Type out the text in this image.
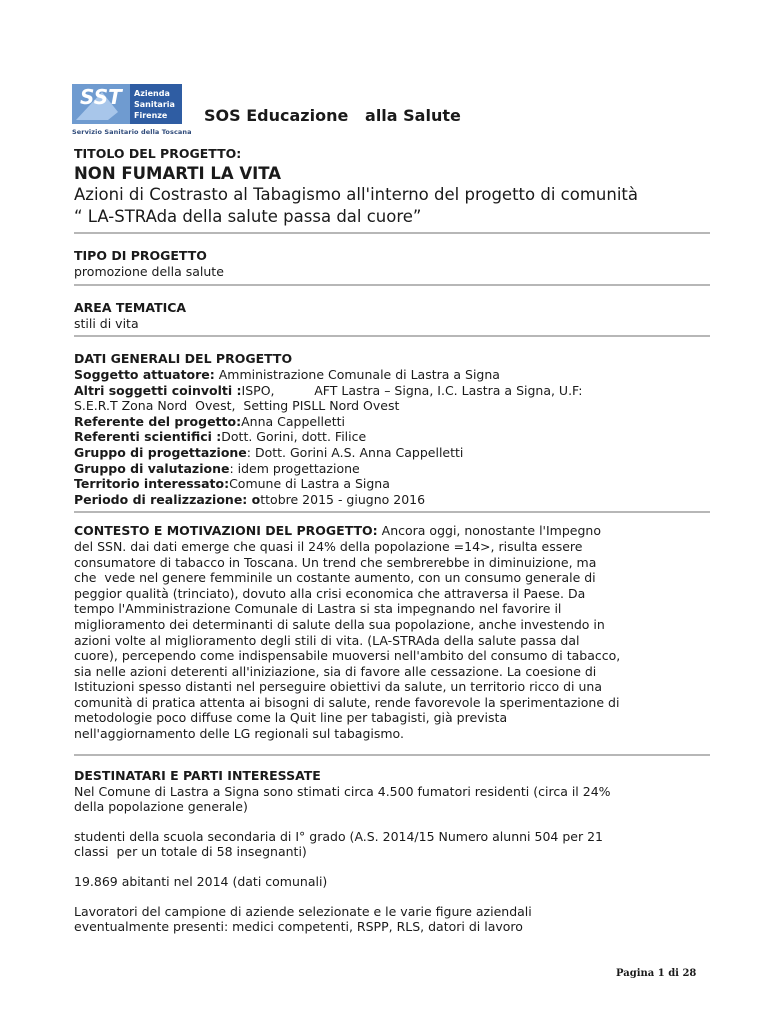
SST Azienda
Sanitaria
Firenze
Servizio Sanitario della Toscana
SOS Educazione   alla Salute
TITOLO DEL PROGETTO:
NON FUMARTI LA VITA
Azioni di Costrasto al Tabagismo all'interno del progetto di comunità
“ LA-STRAda della salute passa dal cuore”
TIPO DI PROGETTO
promozione della salute
AREA TEMATICA
stili di vita
DATI GENERALI DEL PROGETTO
Soggetto attuatore: Amministrazione Comunale di Lastra a Signa
Altri soggetti coinvolti :ISPO,          AFT Lastra – Signa, I.C. Lastra a Signa, U.F:
S.E.R.T Zona Nord  Ovest,  Setting PISLL Nord Ovest
Referente del progetto:Anna Cappelletti
Referenti scientifici :Dott. Gorini, dott. Filice
Gruppo di progettazione: Dott. Gorini A.S. Anna Cappelletti
Gruppo di valutazione: idem progettazione
Territorio interessato:Comune di Lastra a Signa
Periodo di realizzazione: ottobre 2015 - giugno 2016
CONTESTO E MOTIVAZIONI DEL PROGETTO: Ancora oggi, nonostante l'Impegno
del SSN. dai dati emerge che quasi il 24% della popolazione =14>, risulta essere
consumatore di tabacco in Toscana. Un trend che sembrerebbe in diminuizione, ma
che  vede nel genere femminile un costante aumento, con un consumo generale di
peggior qualità (trinciato), dovuto alla crisi economica che attraversa il Paese. Da
tempo l'Amministrazione Comunale di Lastra si sta impegnando nel favorire il
miglioramento dei determinanti di salute della sua popolazione, anche investendo in
azioni volte al miglioramento degli stili di vita. (LA-STRAda della salute passa dal
cuore), percependo come indispensabile muoversi nell'ambito del consumo di tabacco,
sia nelle azioni deterenti all'iniziazione, sia di favore alle cessazione. La coesione di
Istituzioni spesso distanti nel perseguire obiettivi da salute, un territorio ricco di una
comunità di pratica attenta ai bisogni di salute, rende favorevole la sperimentazione di
metodologie poco diffuse come la Quit line per tabagisti, già prevista
nell'aggiornamento delle LG regionali sul tabagismo.
DESTINATARI E PARTI INTERESSATE
Nel Comune di Lastra a Signa sono stimati circa 4.500 fumatori residenti (circa il 24%
della popolazione generale)
studenti della scuola secondaria di I° grado (A.S. 2014/15 Numero alunni 504 per 21
classi  per un totale di 58 insegnanti)
19.869 abitanti nel 2014 (dati comunali)
Lavoratori del campione di aziende selezionate e le varie figure aziendali
eventualmente presenti: medici competenti, RSPP, RLS, datori di lavoro
Pagina 1 di 28
